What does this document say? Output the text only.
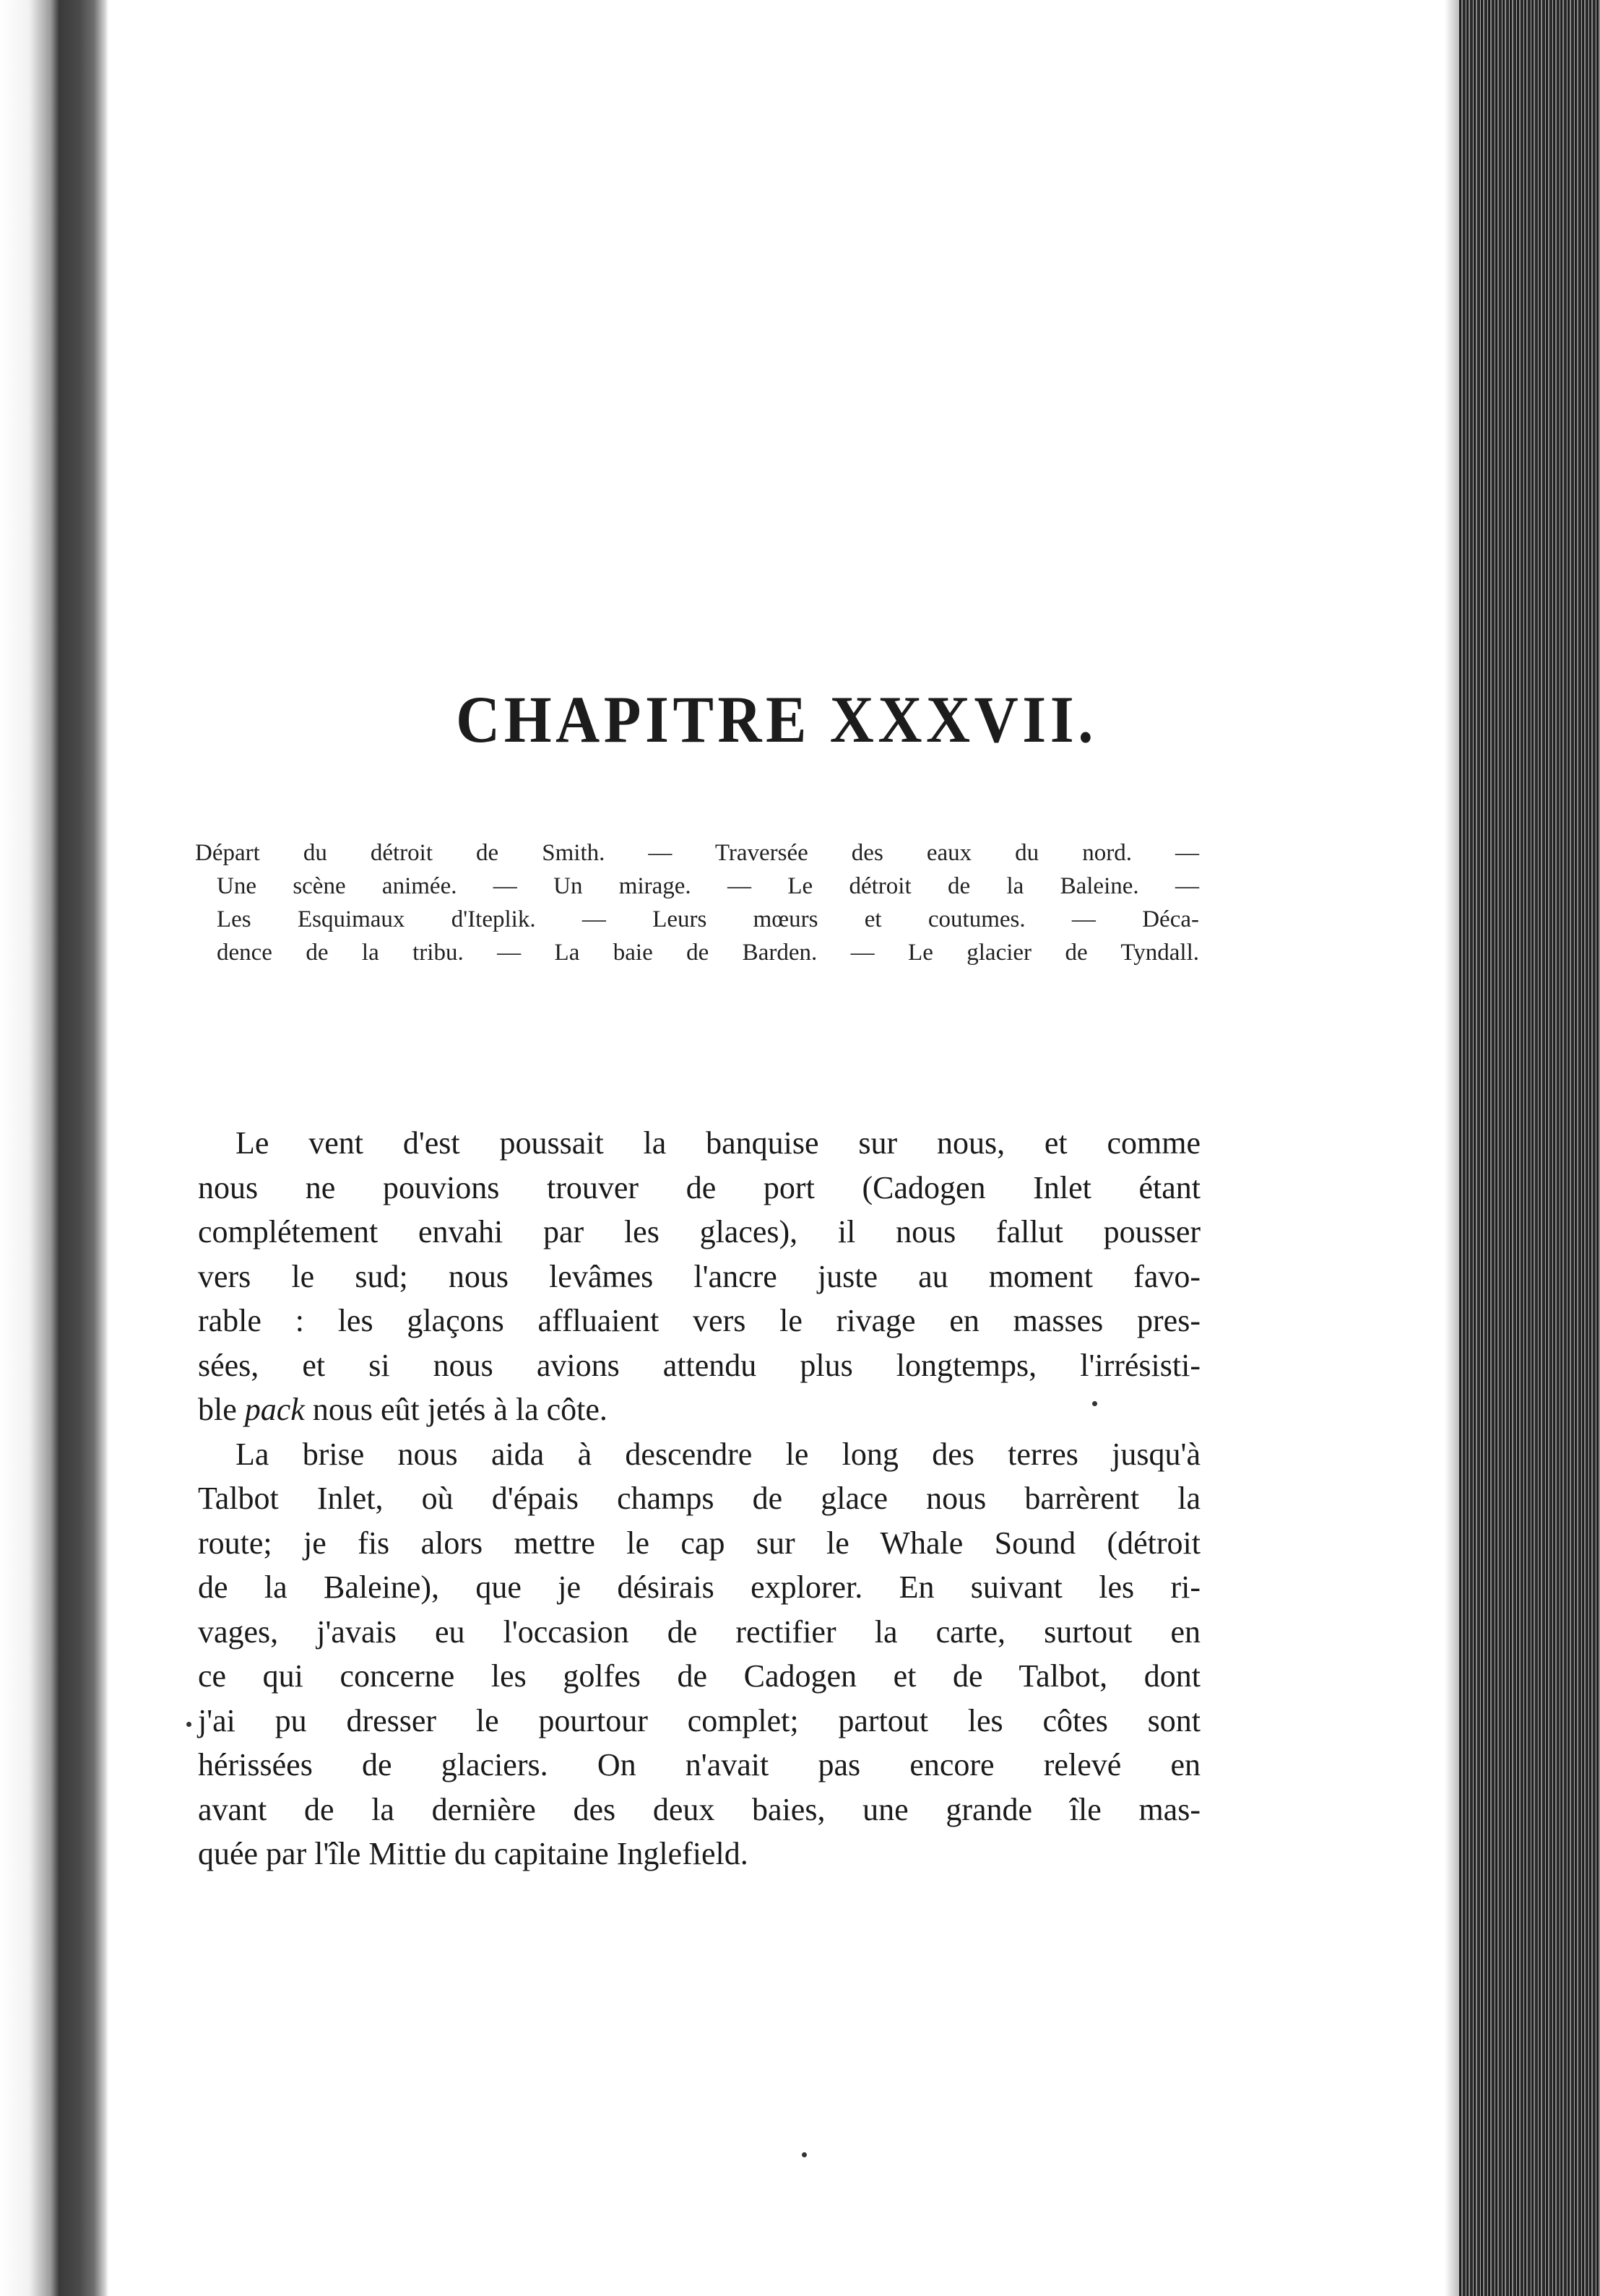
CHAPITRE XXXVII.
Départ du détroit de Smith. — Traversée des eaux du nord. —
Une scène animée. — Un mirage. — Le détroit de la Baleine. —
Les Esquimaux d'Iteplik. — Leurs mœurs et coutumes. — Déca-
dence de la tribu. — La baie de Barden. — Le glacier de Tyndall.
Le vent d'est poussait la banquise sur nous, et comme
nous ne pouvions trouver de port (Cadogen Inlet étant
complétement envahi par les glaces), il nous fallut pousser
vers le sud; nous levâmes l'ancre juste au moment favo-
rable : les glaçons affluaient vers le rivage en masses pres-
sées, et si nous avions attendu plus longtemps, l'irrésisti-
ble pack nous eût jetés à la côte.
La brise nous aida à descendre le long des terres jusqu'à
Talbot Inlet, où d'épais champs de glace nous barrèrent la
route; je fis alors mettre le cap sur le Whale Sound (détroit
de la Baleine), que je désirais explorer. En suivant les ri-
vages, j'avais eu l'occasion de rectifier la carte, surtout en
ce qui concerne les golfes de Cadogen et de Talbot, dont
j'ai pu dresser le pourtour complet; partout les côtes sont
hérissées de glaciers. On n'avait pas encore relevé en
avant de la dernière des deux baies, une grande île mas-
quée par l'île Mittie du capitaine Inglefield.
